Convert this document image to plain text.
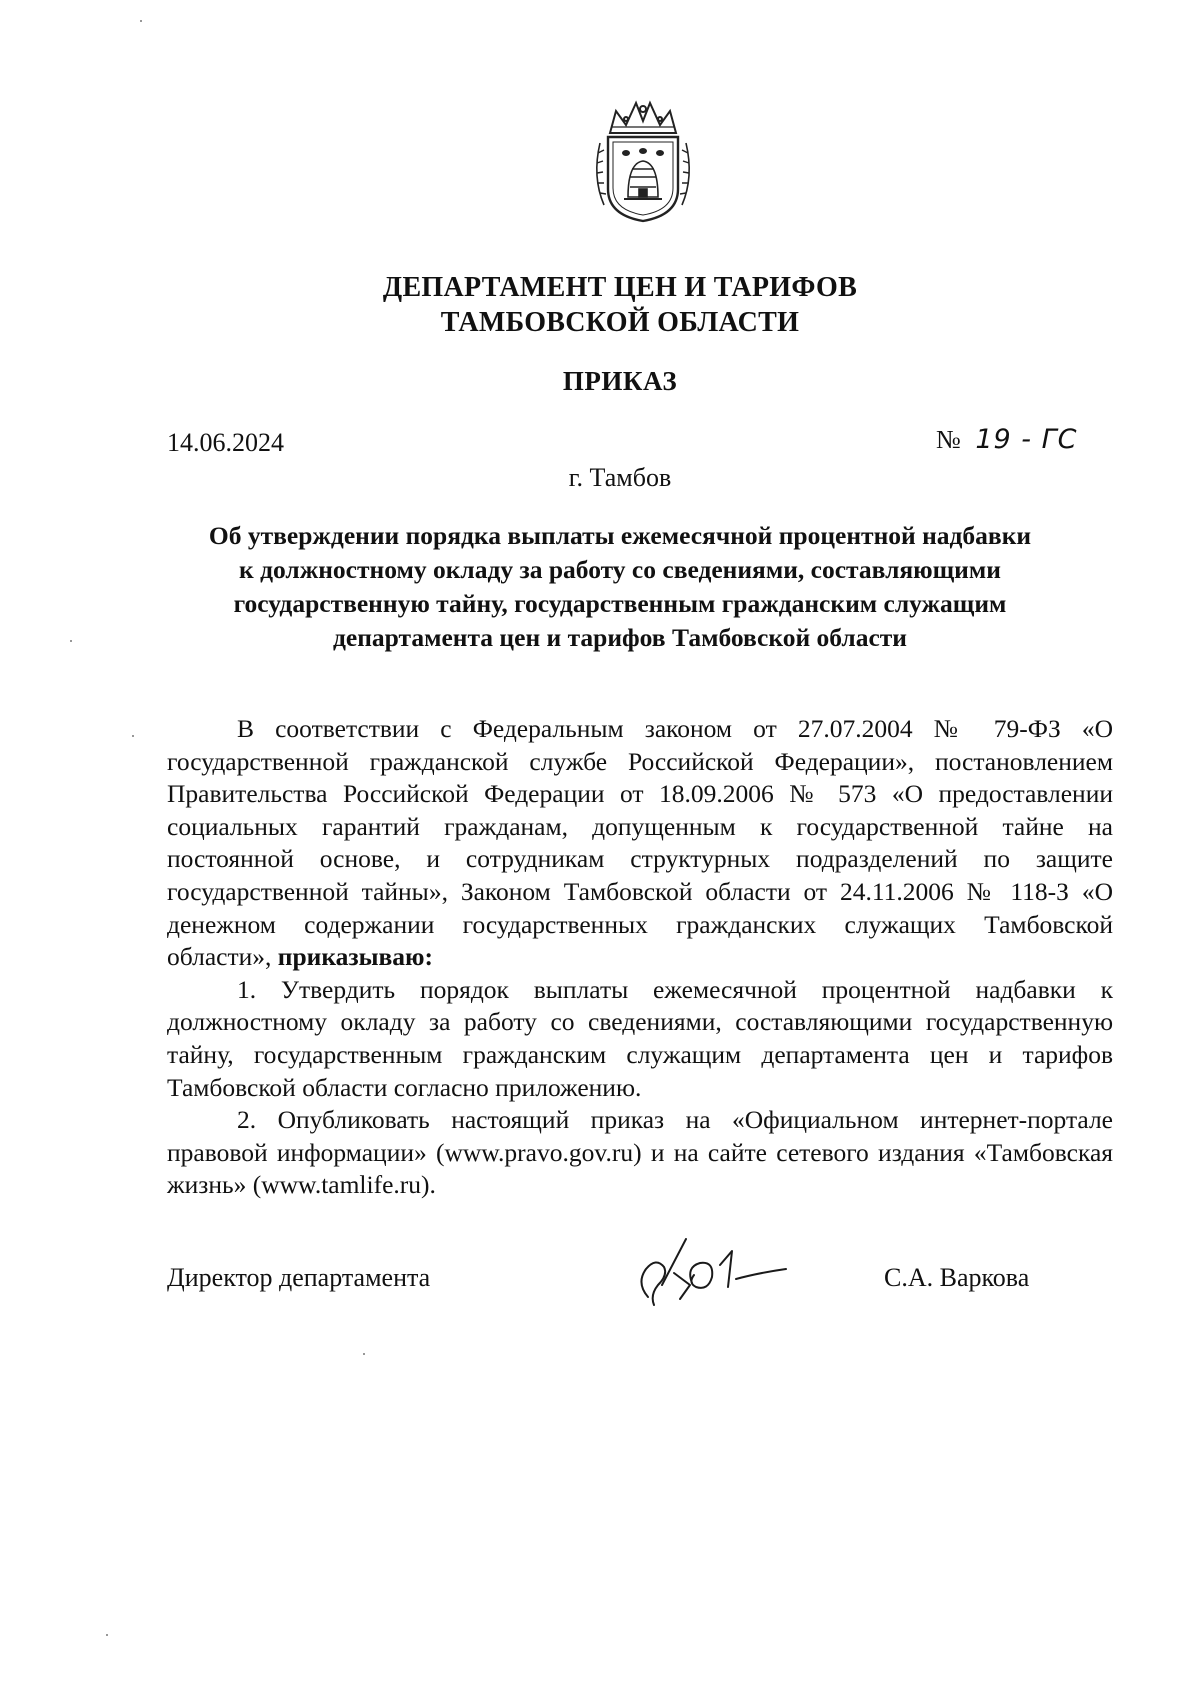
ДЕПАРТАМЕНТ ЦЕН И ТАРИФОВ
ТАМБОВСКОЙ ОБЛАСТИ
ПРИКАЗ
14.06.2024	№ 19 - ГС
г. Тамбов
Об утверждении порядка выплаты ежемесячной процентной надбавки
к должностному окладу за работу со сведениями, составляющими
государственную тайну, государственным гражданским служащим
департамента цен и тарифов Тамбовской области

В соответствии с Федеральным законом от 27.07.2004 № 79-ФЗ «О государственной гражданской службе Российской Федерации», постановлением Правительства Российской Федерации от 18.09.2006 № 573 «О предоставлении социальных гарантий гражданам, допущенным к государственной тайне на постоянной основе, и сотрудникам структурных подразделений по защите государственной тайны», Законом Тамбовской области от 24.11.2006 № 118-З «О денежном содержании государственных гражданских служащих Тамбовской области», приказываю:

1. Утвердить порядок выплаты ежемесячной процентной надбавки к должностному окладу за работу со сведениями, составляющими государственную тайну, государственным гражданским служащим департамента цен и тарифов Тамбовской области согласно приложению.

2. Опубликовать настоящий приказ на «Официальном интернет-портале правовой информации» (www.pravo.gov.ru) и на сайте сетевого издания «Тамбовская жизнь» (www.tamlife.ru).

Директор департамента	С.А. Варкова
